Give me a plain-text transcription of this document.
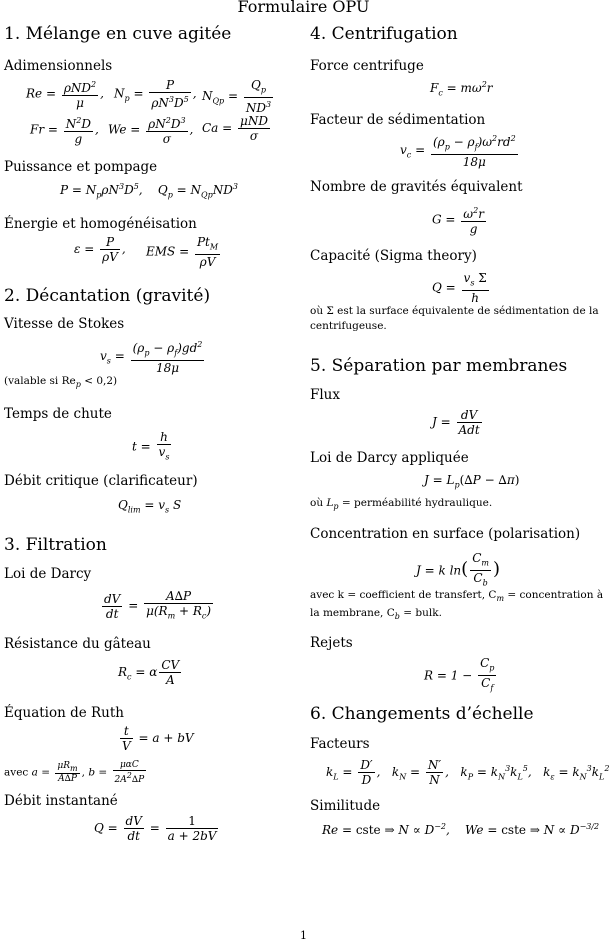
Formulaire OPU
1. Mélange en cuve agitée
Adimensionnels
$Re = \frac{\rho ND^2}{\mu}$ , $N_p = \frac{P}{\rho N^3D^5}$ , $N_{Qp} = \frac{Q_p}{ND^3}$
$Fr = \frac{N^2D}{g}$ , $We = \frac{\rho N^2D^3}{\sigma}$ , $Ca = \frac{\text{μND}}{\sigma}$
Puissance et pompage
$P = N_p\rho N^3D^5$,    $Q_p = N_{Qp}ND^3$
Énergie et homogénéisation
$\varepsilon = \frac{P}{\rho V}$ , EMS = $\frac{Pt_M}{\rho V}$
2. Décantation (gravité)
Vitesse de Stokes
$v_s = \frac{(\rho_p - \rho_f)gd^2}{18\mu}$
(valable si $Re_p < 0,2$)
Temps de chute
$t = \frac{h}{v_s}$
Débit critique (clarificateur)
$Q_{lim} = v_s$ S
3. Filtration
Loi de Darcy
$\frac{dV}{dt} = \frac{A\Delta P}{\mu(R_m + R_c)}$
Résistance du gâteau
$R_c = \alpha \frac{CV}{A}$
Équation de Ruth
$\frac{t}{V} = a$ + bV
avec $a = \frac{\mu R_m}{A\Delta P}$ , $b = \frac{\text{μαC}}{2A^2\Delta P}$
Débit instantané
$Q = \frac{dV}{dt} = \frac{1}{a + 2bV}$
4. Centrifugation
Force centrifuge
$F_c = m\omega^2r$
Facteur de sédimentation
$v_c = \frac{(\rho_p - \rho_f)\omega^2rd^2}{18\mu}$
Nombre de gravités équivalent
$G = \frac{\omega^2r}{g}$
Capacité (Sigma theory)
$Q = \frac{v_s \Sigma}{h}$
où Σ est la surface équivalente de sédimentation de la centrifugeuse.
5. Séparation par membranes
Flux
$J = \frac{dV}{\text{Adt}}$
Loi de Darcy appliquée
$J = L_p(\Delta P - \Delta\pi)$
où $L_p$ = perméabilité hydraulique.
Concentration en surface (polarisation)
J = k $\ln( \frac{C_m}{C_b}$ )
avec k = coefficient de transfert, $C_m$ = concentration à la membrane, $C_b$ = bulk.
Rejets
$R = 1 - \frac{C_p}{C_f}$
6. Changements d’échelle
Facteurs
$k_L = \frac{D'}{D}$ ,   $k_N = \frac{N'}{N}$ ,   $k_P = k_N^3k_L^5$,   $k_\varepsilon = k_N^3k_L^2$
Similitude
Re = cste ⇒ $N \propto D^{-2}$,    We = cste ⇒ $N \propto D^{-3/2}$
1
